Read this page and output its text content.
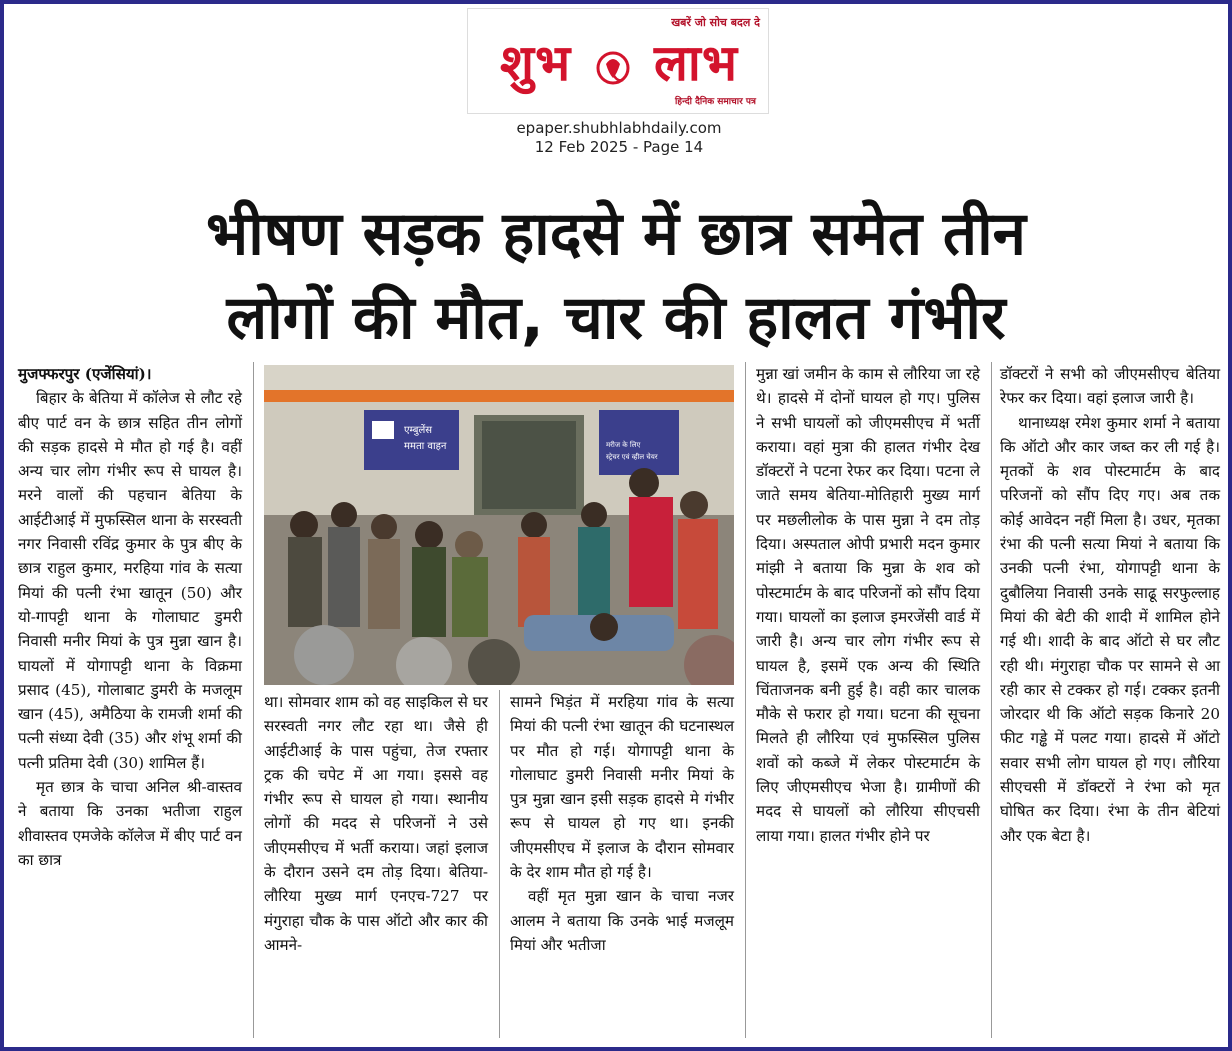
खबरें जो सोच बदल दे
शुभ लाभ
हिन्दी दैनिक समाचार पत्र
epaper.shubhlabhdaily.com
12 Feb 2025 - Page 14
भीषण सड़क हादसे में छात्र समेत तीन
लोगों की मौत, चार की हालत गंभीर

मुजफ्फरपुर (एजेंसियां)।

बिहार के बेतिया में कॉलेज से लौट रहे बीए पार्ट वन के छात्र सहित तीन लोगों की सड़क हादसे मे मौत हो गई है। वहीं अन्य चार लोग गंभीर रूप से घायल है। मरने वालों की पहचान बेतिया के आईटीआई में मुफस्सिल थाना के सरस्वती नगर निवासी रविंद्र कुमार के पुत्र बीए के छात्र राहुल कुमार, मरहिया गांव के सत्या मियां की पत्नी रंभा खातून (50) और यो-गापट्टी थाना के गोलाघाट डुमरी निवासी मनीर मियां के पुत्र मुन्ना खान है। घायलों में योगापट्टी थाना के विक्रमा प्रसाद (45), गोलाबाट डुमरी के मजलूम खान (45), अमैठिया के रामजी शर्मा की पत्नी संध्या देवी (35) और शंभू शर्मा की पत्नी प्रतिमा देवी (30) शामिल हैं।

मृत छात्र के चाचा अनिल श्री-वास्तव ने बताया कि उनका भतीजा राहुल शीवास्तव एमजेके कॉलेज में बीए पार्ट वन का छात्र

एम्बुलेंस
ममता वाहन	मरीज के लिए
स्ट्रेचर एवं व्हील चेयर

था। सोमवार शाम को वह साइकिल से घर सरस्वती नगर लौट रहा था। जैसे ही आईटीआई के पास पहुंचा, तेज रफ्तार ट्रक की चपेट में आ गया। इससे वह गंभीर रूप से घायल हो गया। स्थानीय लोगों की मदद से परिजनों ने उसे जीएमसीएच में भर्ती कराया। जहां इलाज के दौरान उसने दम तोड़ दिया। बेतिया-लौरिया मुख्य मार्ग एनएच-727 पर मंगुराहा चौक के पास ऑटो और कार की आमने-

सामने भिड़ंत में मरहिया गांव के सत्या मियां की पत्नी रंभा खातून की घटनास्थल पर मौत हो गई। योगापट्टी थाना के गोलाघाट डुमरी निवासी मनीर मियां के पुत्र मुन्ना खान इसी सड़क हादसे मे गंभीर रूप से घायल हो गए था। इनकी जीएमसीएच में इलाज के दौरान सोमवार के देर शाम मौत हो गई है।

वहीं मृत मुन्ना खान के चाचा नजर आलम ने बताया कि उनके भाई मजलूम मियां और भतीजा

मुन्ना खां जमीन के काम से लौरिया जा रहे थे। हादसे में दोनों घायल हो गए। पुलिस ने सभी घायलों को जीएमसीएच में भर्ती कराया। वहां मुत्रा की हालत गंभीर देख डॉक्टरों ने पटना रेफर कर दिया। पटना ले जाते समय बेतिया-मोतिहारी मुख्य मार्ग पर मछलीलोक के पास मुन्ना ने दम तोड़ दिया। अस्पताल ओपी प्रभारी मदन कुमार मांझी ने बताया कि मुन्ना के शव को पोस्टमार्टम के बाद परिजनों को सौंप दिया गया। घायलों का इलाज इमरजेंसी वार्ड में जारी है। अन्य चार लोग गंभीर रूप से घायल है, इसमें एक अन्य की स्थिति चिंताजनक बनी हुई है। वही कार चालक मौके से फरार हो गया। घटना की सूचना मिलते ही लौरिया एवं मुफस्सिल पुलिस शवों को कब्जे में लेकर पोस्टमार्टम के लिए जीएमसीएच भेजा है। ग्रामीणों की मदद से घायलों को लौरिया सीएचसी लाया गया। हालत गंभीर होने पर

डॉक्टरों ने सभी को जीएमसीएच बेतिया रेफर कर दिया। वहां इलाज जारी है।

थानाध्यक्ष रमेश कुमार शर्मा ने बताया कि ऑटो और कार जब्त कर ली गई है। मृतकों के शव पोस्टमार्टम के बाद परिजनों को सौंप दिए गए। अब तक कोई आवेदन नहीं मिला है। उधर, मृतका रंभा की पत्नी सत्या मियां ने बताया कि उनकी पत्नी रंभा, योगापट्टी थाना के दुबौलिया निवासी उनके साढू सरफुल्लाह मियां की बेटी की शादी में शामिल होने गई थी। शादी के बाद ऑटो से घर लौट रही थी। मंगुराहा चौक पर सामने से आ रही कार से टक्कर हो गई। टक्कर इतनी जोरदार थी कि ऑटो सड़क किनारे 20 फीट गड्ढे में पलट गया। हादसे में ऑटो सवार सभी लोग घायल हो गए। लौरिया सीएचसी में डॉक्टरों ने रंभा को मृत घोषित कर दिया। रंभा के तीन बेटियां और एक बेटा है।
